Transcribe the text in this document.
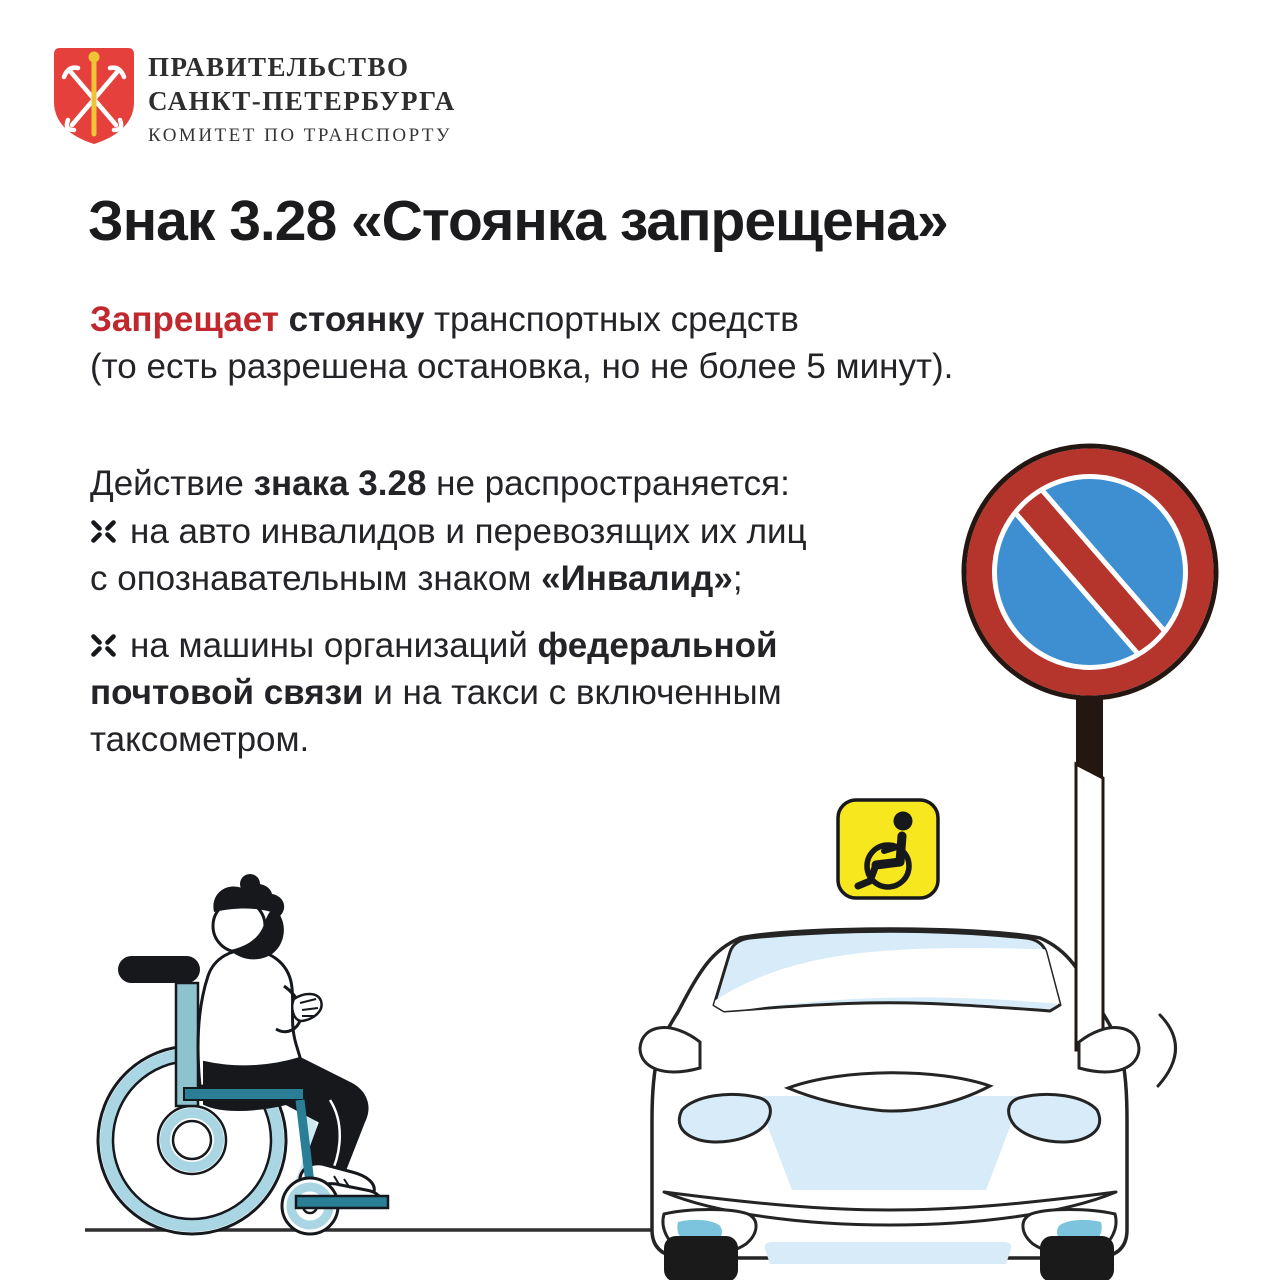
ПРАВИТЕЛЬСТВО
САНКТ-ПЕТЕРБУРГА
КОМИТЕТ ПО ТРАНСПОРТУ
Знак 3.28 «Стоянка запрещена»
Запрещает стоянку транспортных средств
(то есть разрешена остановка, но не более 5 минут).
Действие знака 3.28 не распространяется:
на авто инвалидов и перевозящих их лиц
с опознавательным знаком «Инвалид»;
на машины организаций федеральной
почтовой связи и на такси с включенным
таксометром.
